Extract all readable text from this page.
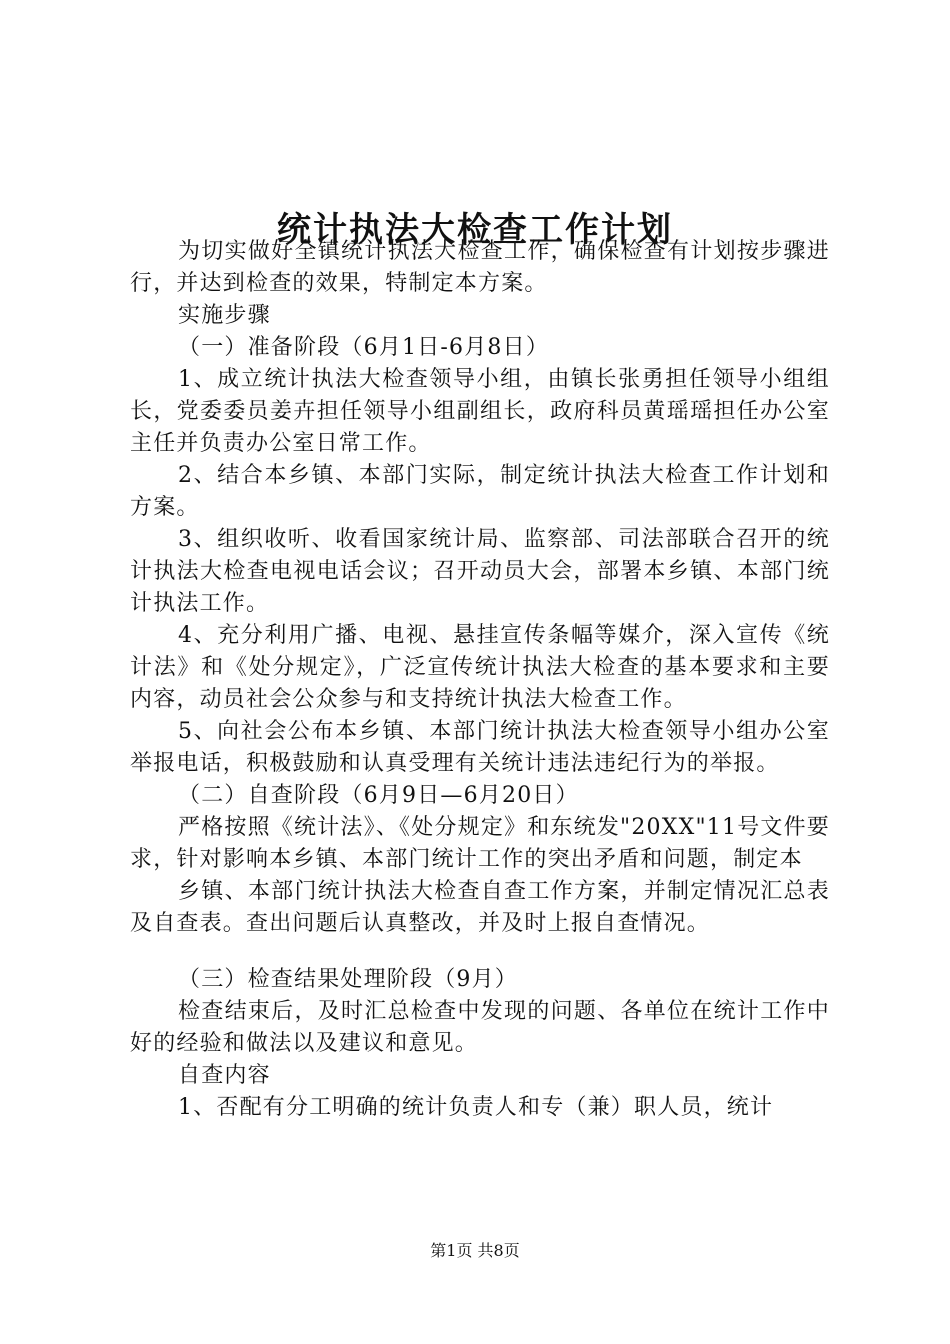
统计执法大检查工作计划

为切实做好全镇统计执法大检查工作，确保检查有计划按步骤进行，并达到检查的效果，特制定本方案。

实施步骤

（一）准备阶段（6月1日-6月8日）

1、成立统计执法大检查领导小组，由镇长张勇担任领导小组组长，党委委员姜卉担任领导小组副组长，政府科员黄瑶瑶担任办公室主任并负责办公室日常工作。

2、结合本乡镇、本部门实际，制定统计执法大检查工作计划和方案。

3、组织收听、收看国家统计局、监察部、司法部联合召开的统计执法大检查电视电话会议；召开动员大会，部署本乡镇、本部门统计执法工作。

4、充分利用广播、电视、悬挂宣传条幅等媒介，深入宣传《统计法》和《处分规定》，广泛宣传统计执法大检查的基本要求和主要内容，动员社会公众参与和支持统计执法大检查工作。

5、向社会公布本乡镇、本部门统计执法大检查领导小组办公室举报电话，积极鼓励和认真受理有关统计违法违纪行为的举报。

（二）自查阶段（6月9日—6月20日）

严格按照《统计法》、《处分规定》和东统发"20XX"11号文件要求，针对影响本乡镇、本部门统计工作的突出矛盾和问题，制定本

乡镇、本部门统计执法大检查自查工作方案，并制定情况汇总表及自查表。查出问题后认真整改，并及时上报自查情况。

（三）检查结果处理阶段（9月）

检查结束后，及时汇总检查中发现的问题、各单位在统计工作中好的经验和做法以及建议和意见。

自查内容

1、否配有分工明确的统计负责人和专（兼）职人员，统计

第1页 共8页
